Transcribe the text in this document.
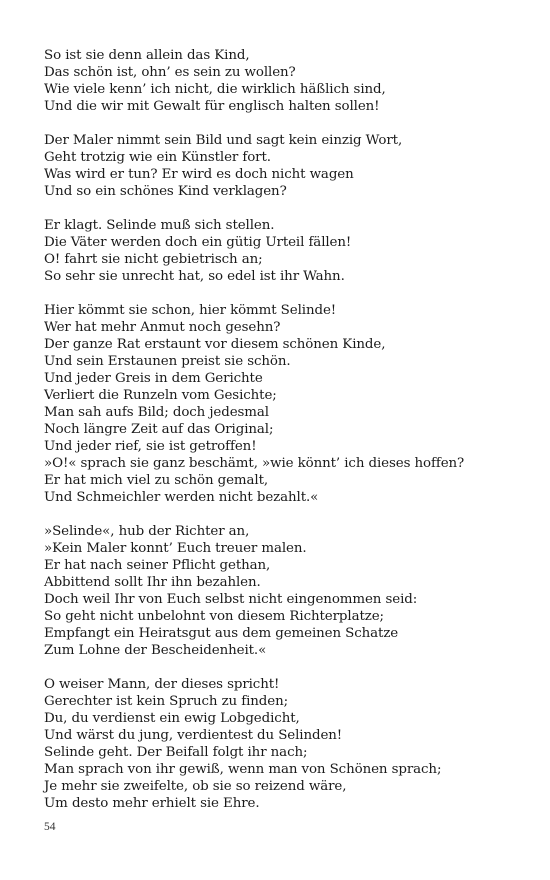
So ist sie denn allein das Kind,
Das schön ist, ohn’ es sein zu wollen?
Wie viele kenn’ ich nicht, die wirklich häßlich sind,
Und die wir mit Gewalt für englisch halten sollen!
Der Maler nimmt sein Bild und sagt kein einzig Wort,
Geht trotzig wie ein Künstler fort.
Was wird er tun? Er wird es doch nicht wagen
Und so ein schönes Kind verklagen?
Er klagt. Selinde muß sich stellen.
Die Väter werden doch ein gütig Urteil fällen!
O! fahrt sie nicht gebietrisch an;
So sehr sie unrecht hat, so edel ist ihr Wahn.
Hier kömmt sie schon, hier kömmt Selinde!
Wer hat mehr Anmut noch gesehn?
Der ganze Rat erstaunt vor diesem schönen Kinde,
Und sein Erstaunen preist sie schön.
Und jeder Greis in dem Gerichte
Verliert die Runzeln vom Gesichte;
Man sah aufs Bild; doch jedesmal
Noch längre Zeit auf das Original;
Und jeder rief, sie ist getroffen!
»O!« sprach sie ganz beschämt, »wie könnt’ ich dieses hoffen?
Er hat mich viel zu schön gemalt,
Und Schmeichler werden nicht bezahlt.«
»Selinde«, hub der Richter an,
»Kein Maler konnt’ Euch treuer malen.
Er hat nach seiner Pflicht gethan,
Abbittend sollt Ihr ihn bezahlen.
Doch weil Ihr von Euch selbst nicht eingenommen seid:
So geht nicht unbelohnt von diesem Richterplatze;
Empfangt ein Heiratsgut aus dem gemeinen Schatze
Zum Lohne der Bescheidenheit.«
O weiser Mann, der dieses spricht!
Gerechter ist kein Spruch zu finden;
Du, du verdienst ein ewig Lobgedicht,
Und wärst du jung, verdientest du Selinden!
Selinde geht. Der Beifall folgt ihr nach;
Man sprach von ihr gewiß, wenn man von Schönen sprach;
Je mehr sie zweifelte, ob sie so reizend wäre,
Um desto mehr erhielt sie Ehre.
54
